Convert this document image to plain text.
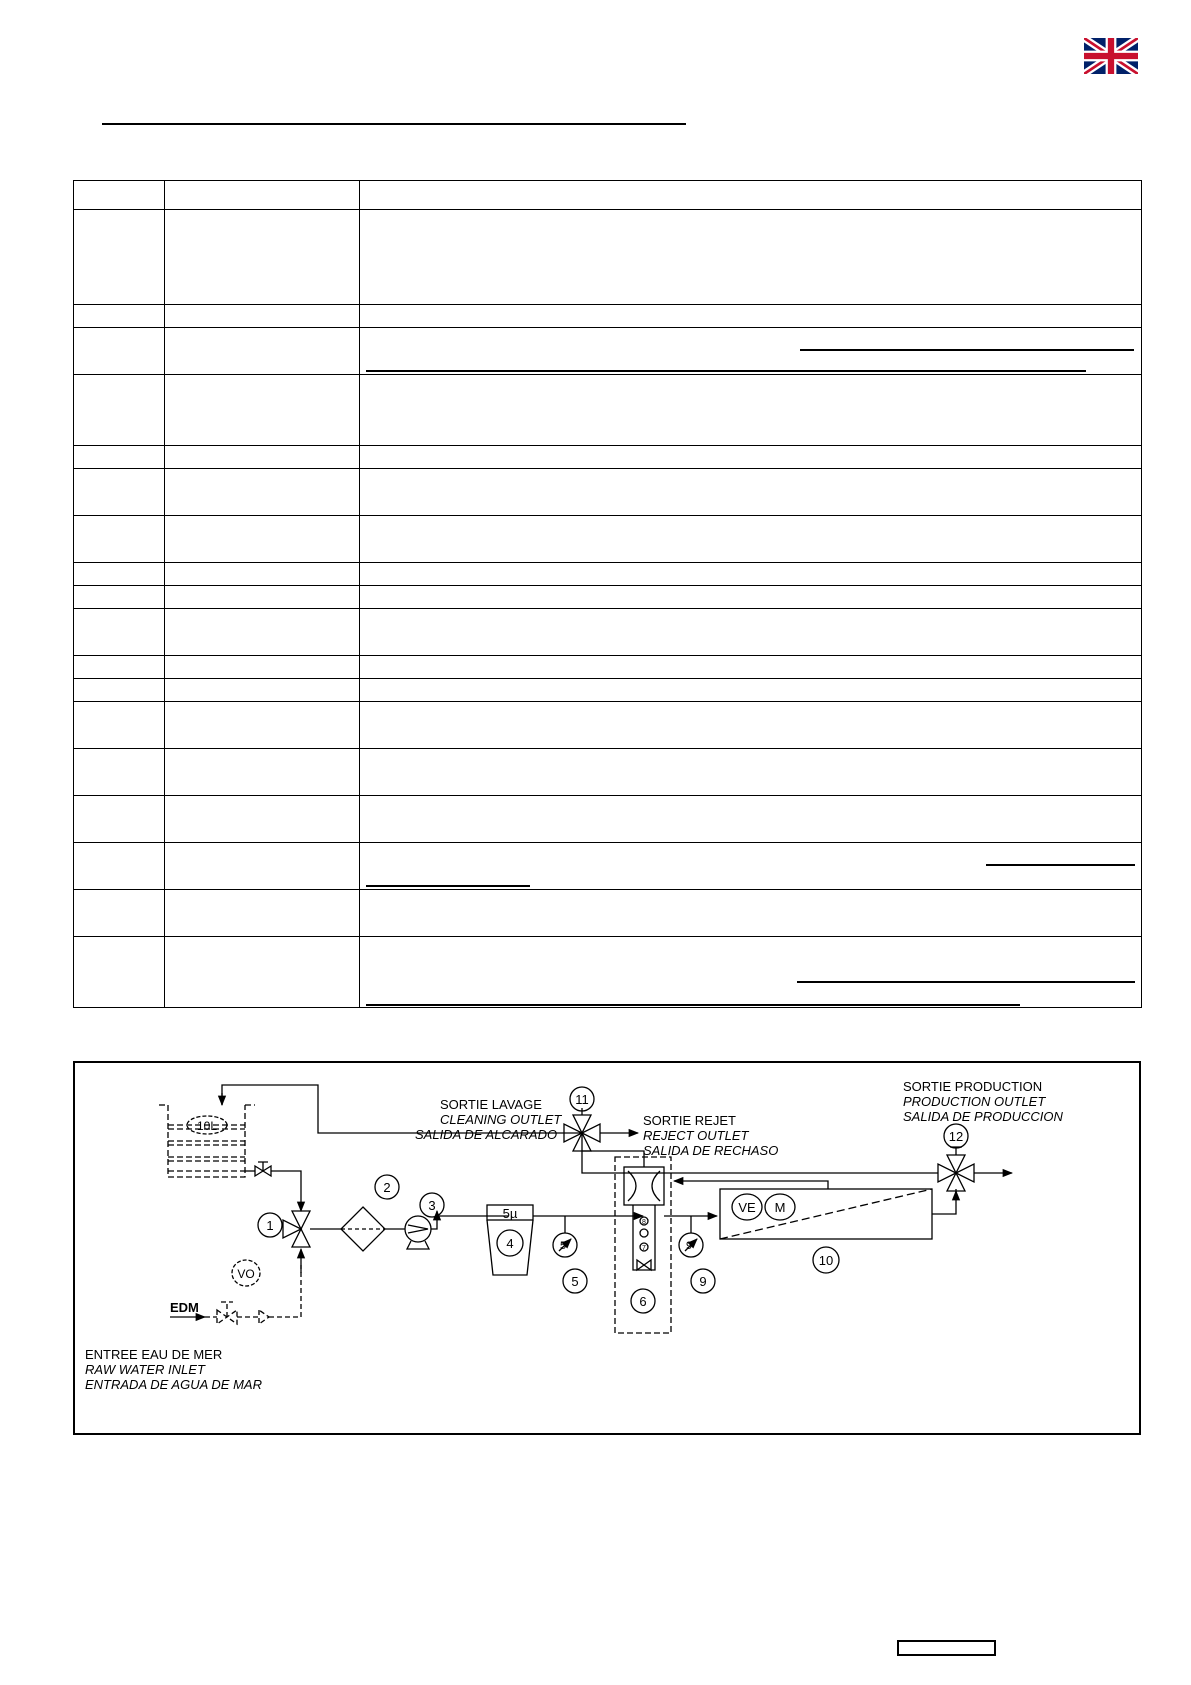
10L
1
VO
EDM
ENTREE EAU DE MER
RAW WATER INLET
ENTRADA DE AGUA DE MAR
2
3
5µ
4	5
5
8
7
6
9
9
VE M
10
11
SORTIE LAVAGE
CLEANING OUTLET
SALIDA DE ALCARADO
SORTIE REJET
REJECT OUTLET
SALIDA DE RECHASO
12
SORTIE PRODUCTION
PRODUCTION OUTLET
SALIDA DE PRODUCCION
